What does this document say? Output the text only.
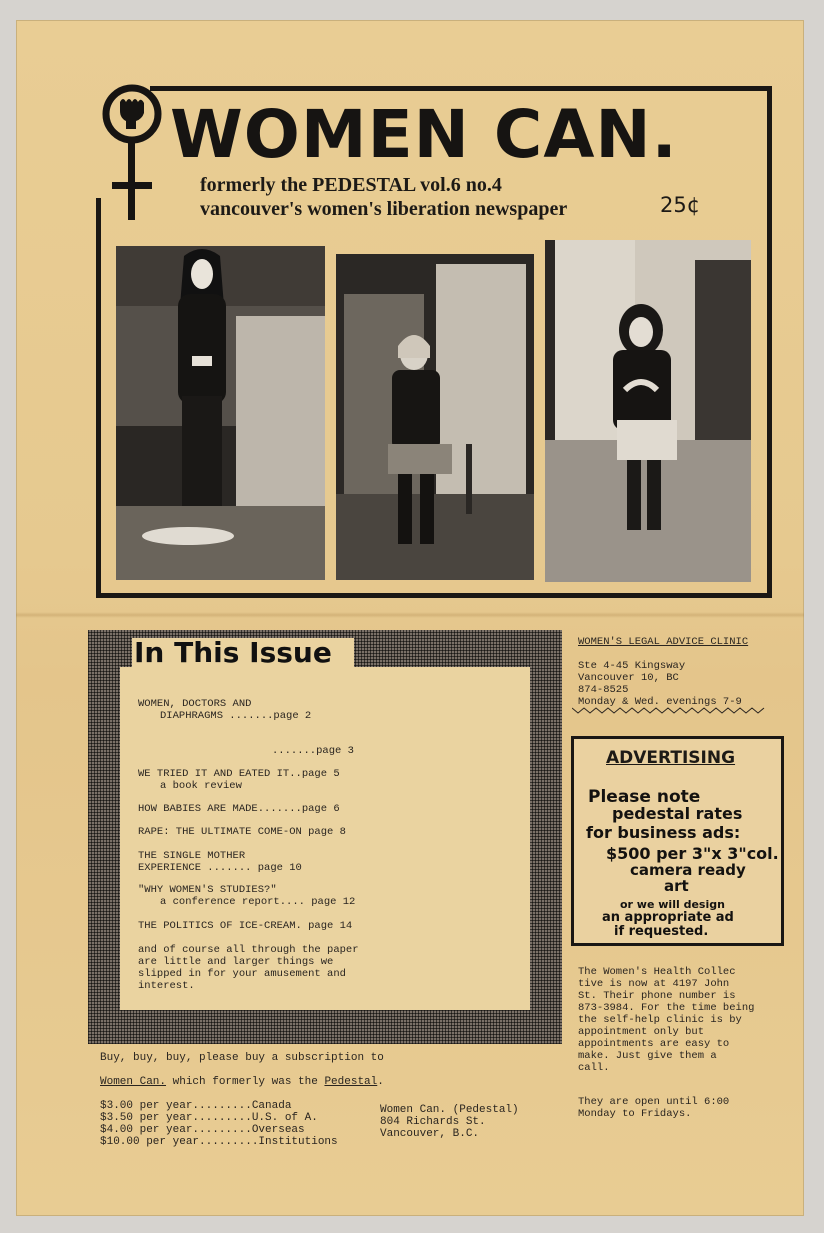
WOMEN CAN.
formerly the PEDESTAL vol.6 no.4
vancouver's women's liberation newspaper	25¢
In This Issue
WOMEN, DOCTORS AND
DIAPHRAGMS .......page 2
.......page 3
WE TRIED IT AND EATED IT..page 5
a book review
HOW BABIES ARE MADE.......page 6
RAPE: THE ULTIMATE COME-ON page 8
THE SINGLE MOTHER
EXPERIENCE ....... page 10
"WHY WOMEN'S STUDIES?"
a conference report.... page 12
THE POLITICS OF ICE-CREAM. page 14
and of course all through the paper
are little and larger things we
slipped in for your amusement and
interest.
WOMEN'S LEGAL ADVICE CLINIC
Ste 4-45 Kingsway
Vancouver 10, BC
874-8525
Monday & Wed. evenings 7-9
ADVERTISING
Please note
pedestal rates
for business ads:
$500 per 3"x 3"col.
camera ready
art
or we will design
an appropriate ad
if requested.
The Women's Health Collec
tive is now at 4197 John
St. Their phone number is
873-3984. For the time being
the self-help clinic is by
appointment only but
appointments are easy to
make. Just give them a
call.
They are open until 6:00
Monday to Fridays.
Buy, buy, buy, please buy a subscription to
Women Can. which formerly was the Pedestal.
$3.00 per year.........Canada
$3.50 per year.........U.S. of A.
$4.00 per year.........Overseas
$10.00 per year.........Institutions
Women Can. (Pedestal)
804 Richards St.
Vancouver, B.C.
